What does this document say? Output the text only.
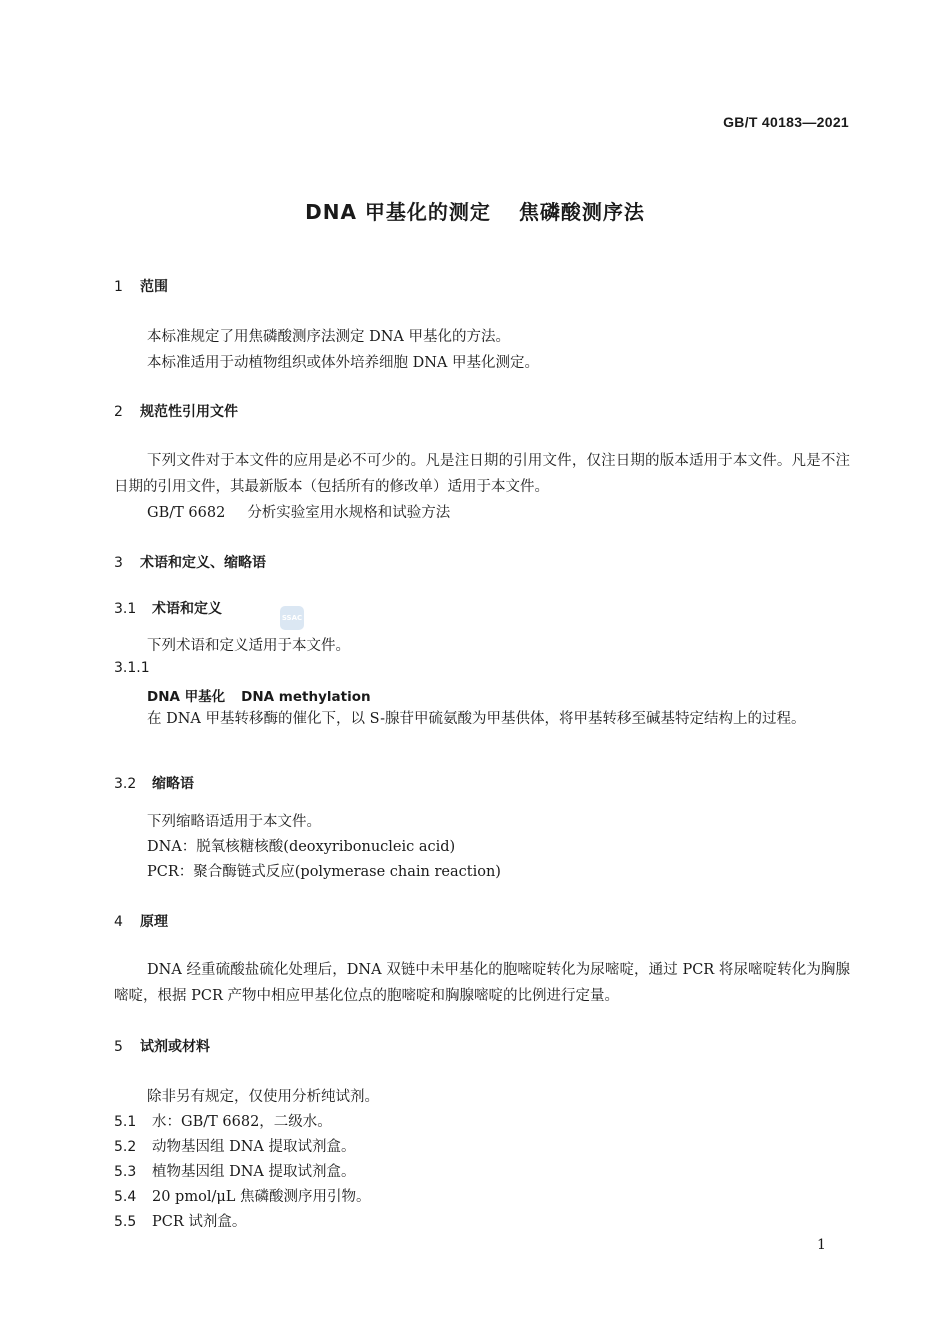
GB/T 40183—2021
DNA 甲基化的测定 焦磷酸测序法
1 范围
本标准规定了用焦磷酸测序法测定 DNA 甲基化的方法。
本标准适用于动植物组织或体外培养细胞 DNA 甲基化测定。
2 规范性引用文件
下列文件对于本文件的应用是必不可少的。凡是注日期的引用文件，仅注日期的版本适用于本文件。凡是不注日期的引用文件，其最新版本（包括所有的修改单）适用于本文件。
GB/T 6682 分析实验室用水规格和试验方法
3 术语和定义、缩略语
3.1 术语和定义
SSAC
下列术语和定义适用于本文件。
3.1.1
DNA 甲基化 DNA methylation
在 DNA 甲基转移酶的催化下，以 S-腺苷甲硫氨酸为甲基供体，将甲基转移至碱基特定结构上的过程。
3.2 缩略语
下列缩略语适用于本文件。
DNA：脱氧核糖核酸(deoxyribonucleic acid)
PCR：聚合酶链式反应(polymerase chain reaction)
4 原理
DNA 经重硫酸盐硫化处理后，DNA 双链中未甲基化的胞嘧啶转化为尿嘧啶，通过 PCR 将尿嘧啶转化为胸腺嘧啶，根据 PCR 产物中相应甲基化位点的胞嘧啶和胸腺嘧啶的比例进行定量。
5 试剂或材料
除非另有规定，仅使用分析纯试剂。
5.1 水：GB/T 6682，二级水。
5.2 动物基因组 DNA 提取试剂盒。
5.3 植物基因组 DNA 提取试剂盒。
5.4 20 pmol/μL 焦磷酸测序用引物。
5.5 PCR 试剂盒。
1
